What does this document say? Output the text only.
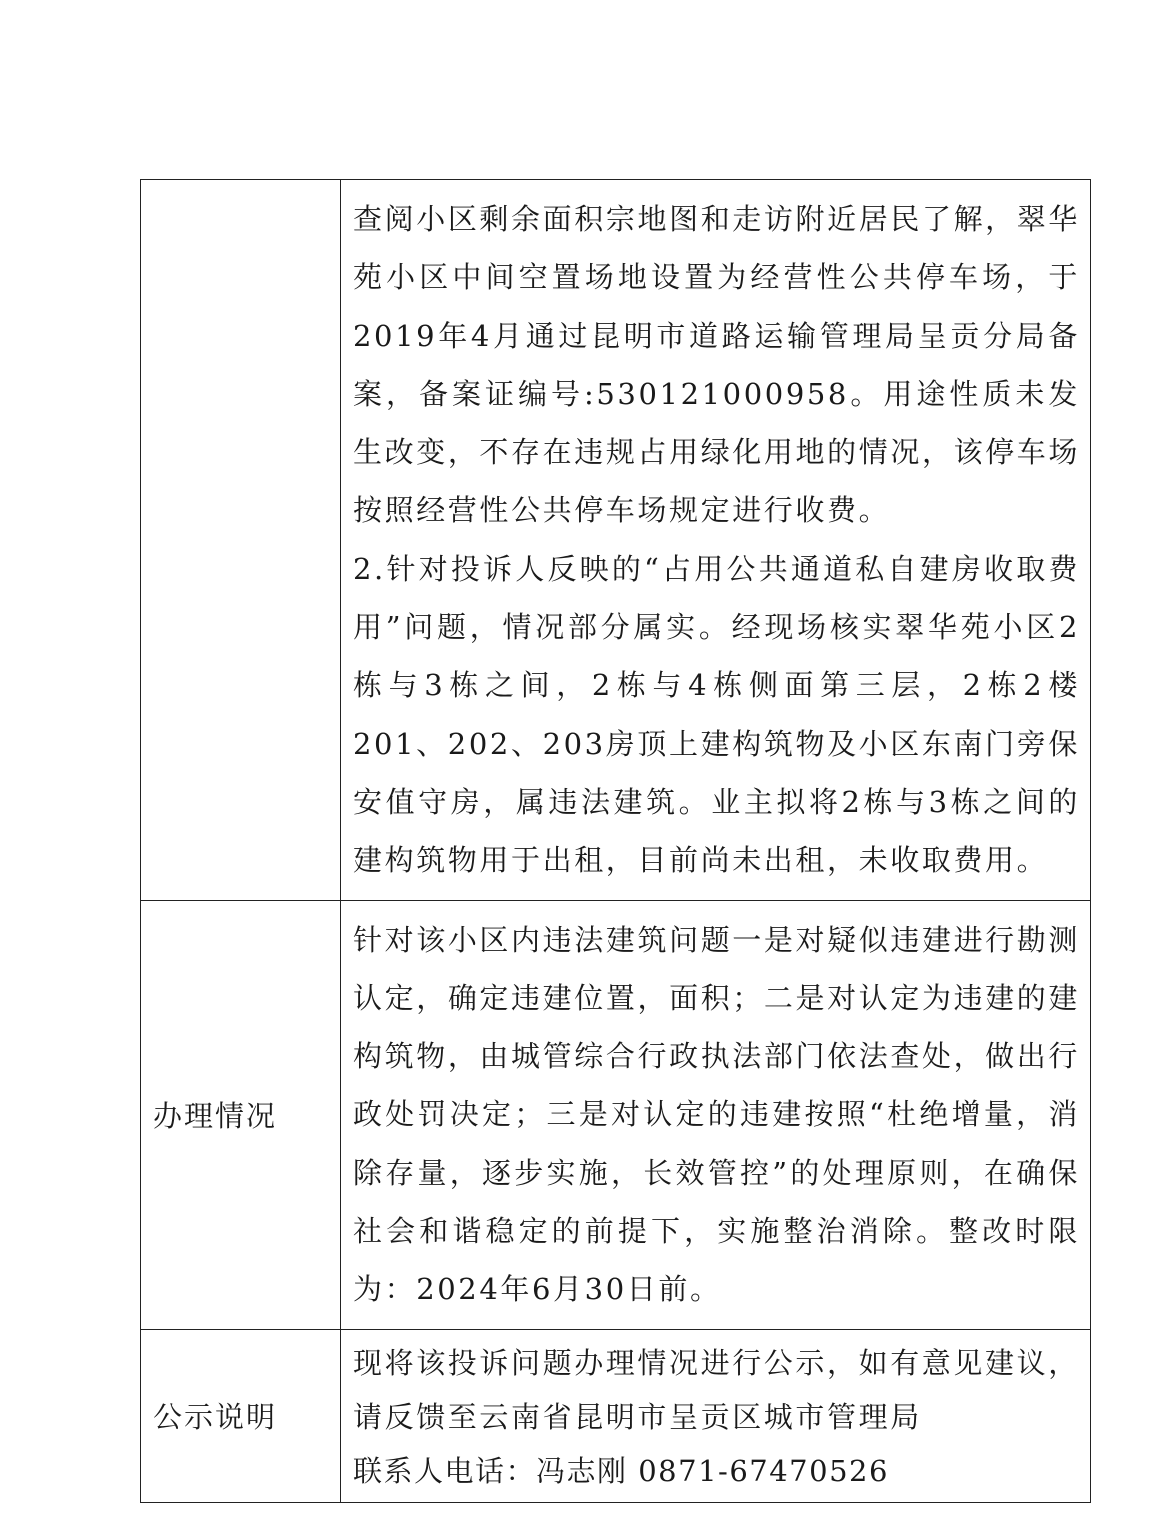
	查阅小区剩余面积宗地图和走访附近居民了解，翠华苑小区中间空置场地设置为经营性公共停车场，于2019年4月通过昆明市道路运输管理局呈贡分局备案，备案证编号:530121000958。用途性质未发生改变，不存在违规占用绿化用地的情况，该停车场按照经营性公共停车场规定进行收费。

2.针对投诉人反映的“占用公共通道私自建房收取费用”问题，情况部分属实。经现场核实翠华苑小区2栋与3栋之间，2栋与4栋侧面第三层，2栋2楼201、202、203房顶上建构筑物及小区东南门旁保安值守房，属违法建筑。业主拟将2栋与3栋之间的建构筑物用于出租，目前尚未出租，未收取费用。

办理情况	针对该小区内违法建筑问题一是对疑似违建进行勘测认定，确定违建位置，面积；二是对认定为违建的建构筑物，由城管综合行政执法部门依法查处，做出行政处罚决定；三是对认定的违建按照“杜绝增量，消除存量，逐步实施，长效管控”的处理原则，在确保社会和谐稳定的前提下，实施整治消除。整改时限为：2024年6月30日前。

公示说明	现将该投诉问题办理情况进行公示，如有意见建议，

请反馈至云南省昆明市呈贡区城市管理局

联系人电话：冯志刚 0871-67470526
